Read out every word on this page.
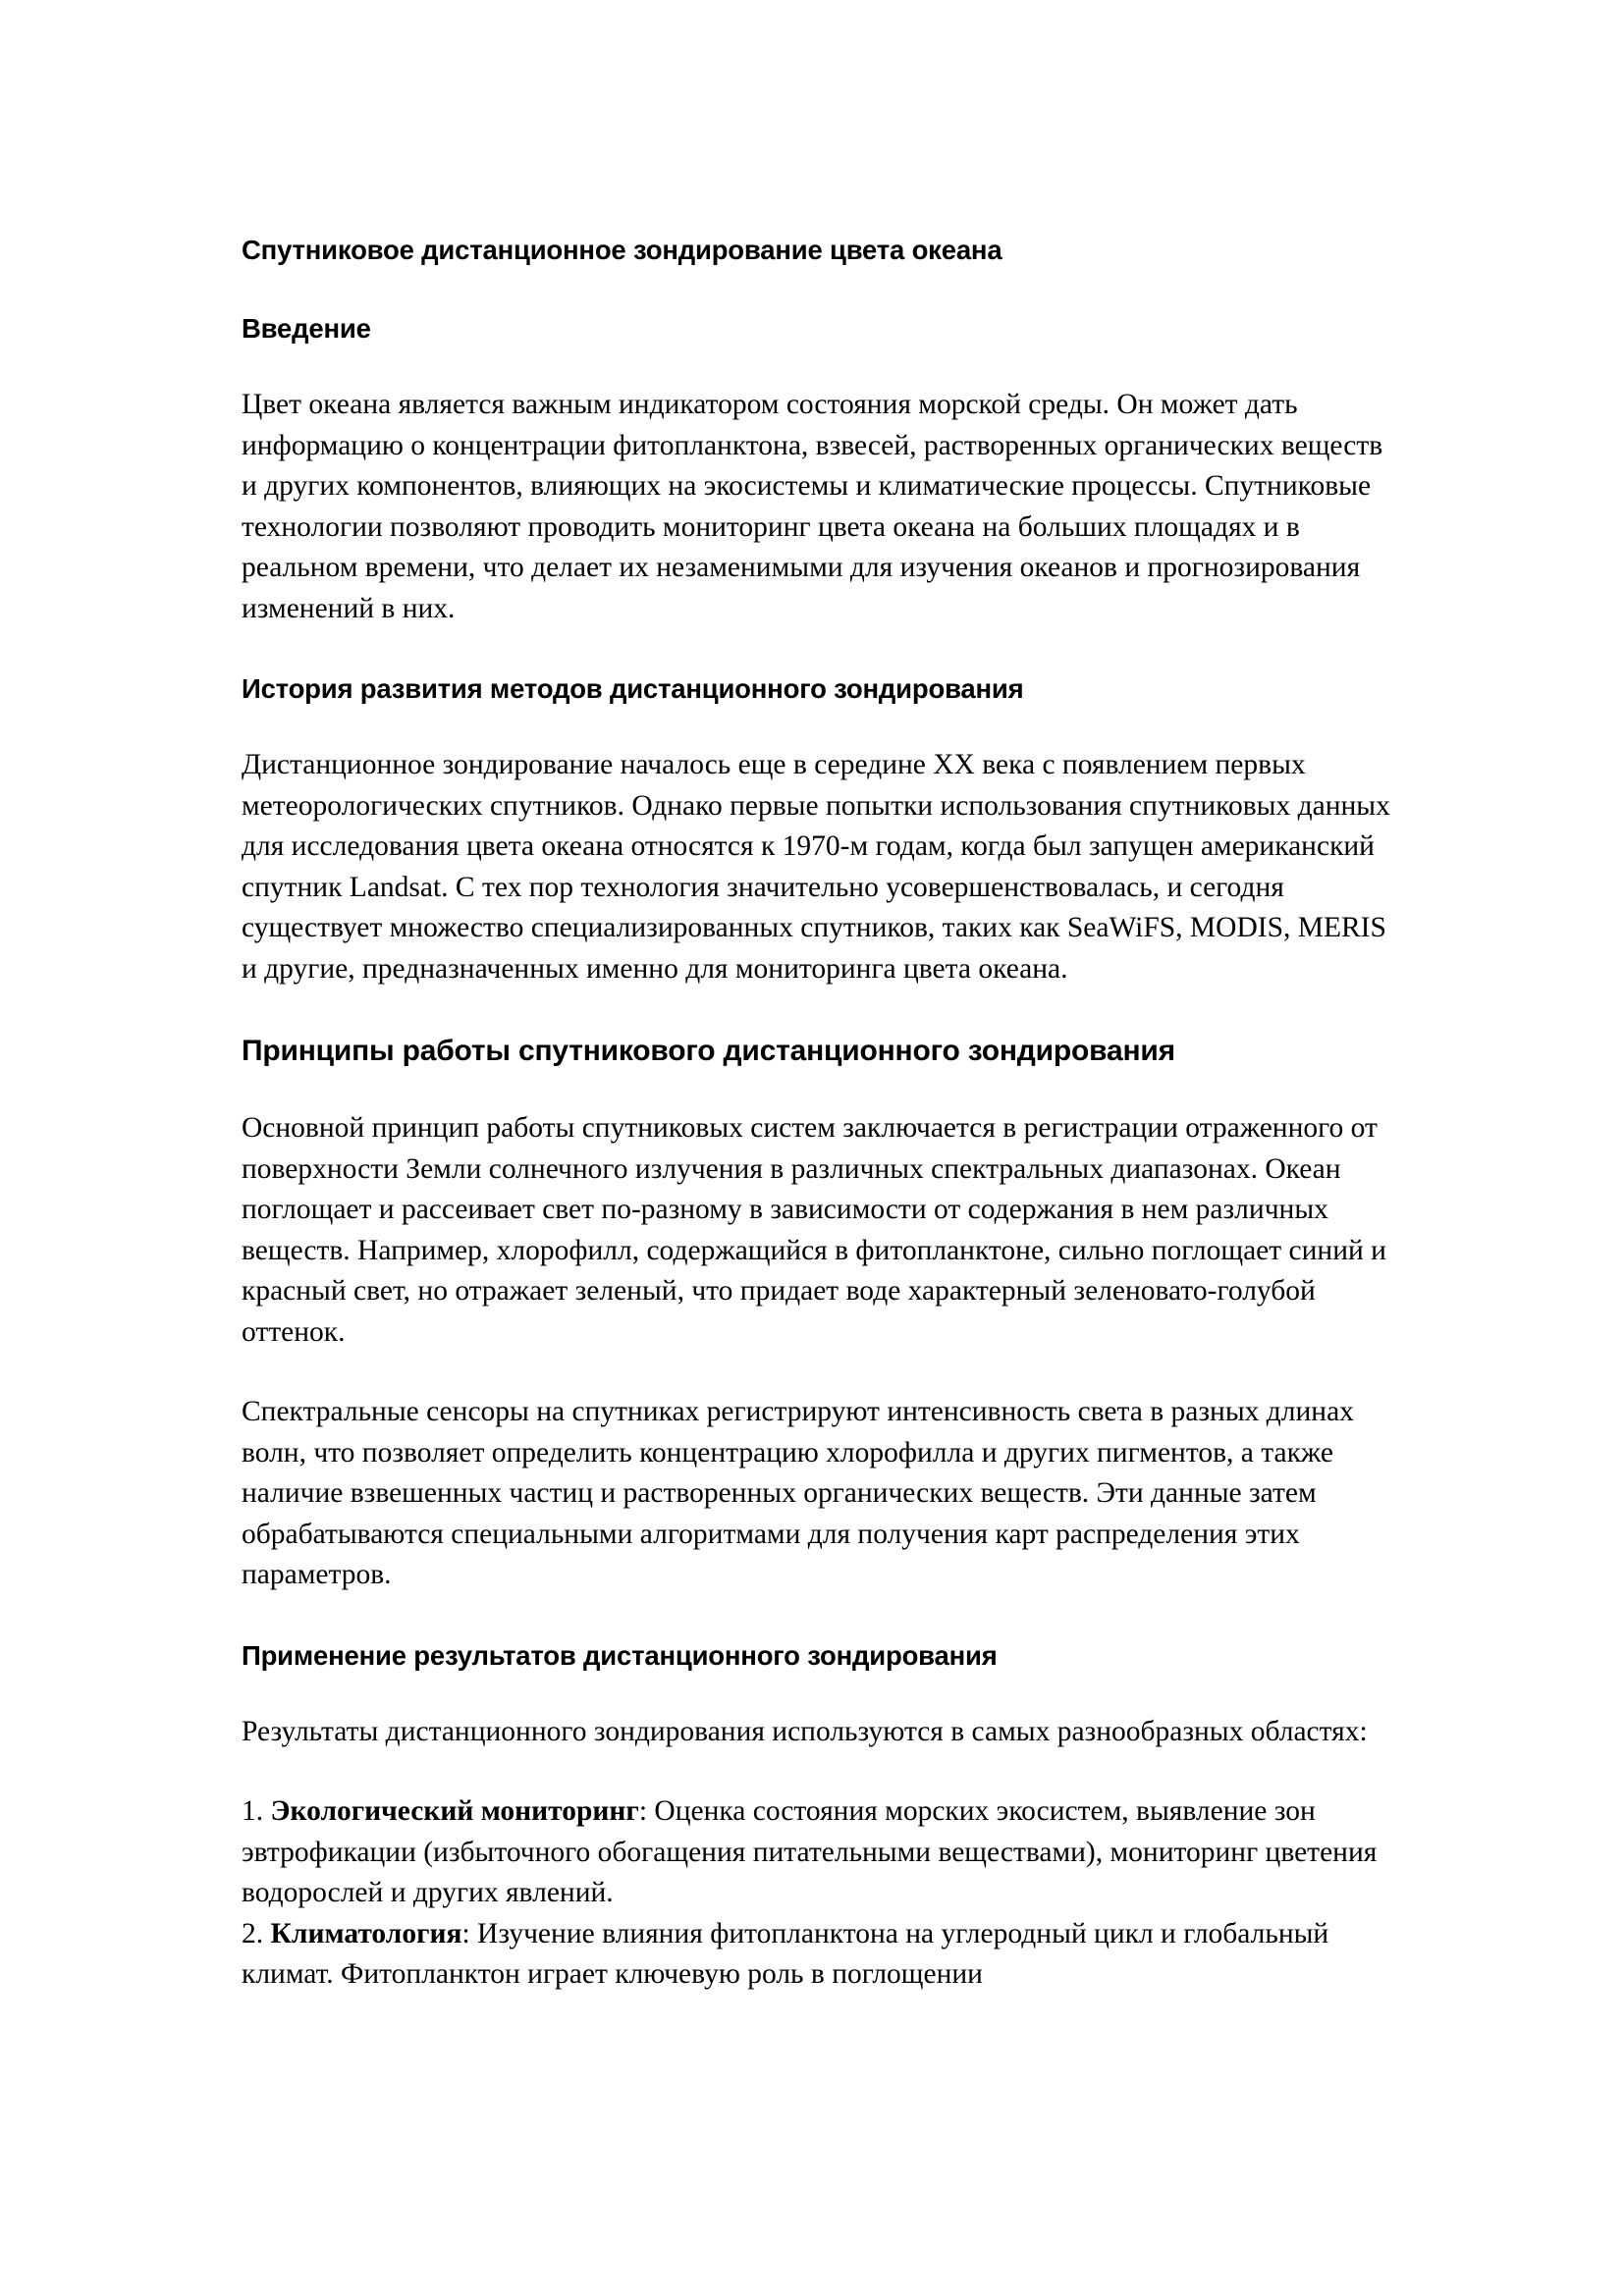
Спутниковое дистанционное зондирование цвета океана
Введение

Цвет океана является важным индикатором состояния морской среды. Он может дать информацию о концентрации фитопланктона, взвесей, растворенных органических веществ и других компонентов, влияющих на экосистемы и климатические процессы. Спутниковые технологии позволяют проводить мониторинг цвета океана на больших площадях и в реальном времени, что делает их незаменимыми для изучения океанов и прогнозирования изменений в них.

История развития методов дистанционного зондирования

Дистанционное зондирование началось еще в середине XX века с появлением первых метеорологических спутников. Однако первые попытки использования спутниковых данных для исследования цвета океана относятся к 1970-м годам, когда был запущен американский спутник Landsat. С тех пор технология значительно усовершенствовалась, и сегодня существует множество специализированных спутников, таких как SeaWiFS, MODIS, MERIS и другие, предназначенных именно для мониторинга цвета океана.

Принципы работы спутникового дистанционного зондирования

Основной принцип работы спутниковых систем заключается в регистрации отраженного от поверхности Земли солнечного излучения в различных спектральных диапазонах. Океан поглощает и рассеивает свет по-разному в зависимости от содержания в нем различных веществ. Например, хлорофилл, содержащийся в фитопланктоне, сильно поглощает синий и красный свет, но отражает зеленый, что придает воде характерный зеленовато-голубой оттенок.

Спектральные сенсоры на спутниках регистрируют интенсивность света в разных длинах волн, что позволяет определить концентрацию хлорофилла и других пигментов, а также наличие взвешенных частиц и растворенных органических веществ. Эти данные затем обрабатываются специальными алгоритмами для получения карт распределения этих параметров.

Применение результатов дистанционного зондирования

Результаты дистанционного зондирования используются в самых разнообразных областях:

1. Экологический мониторинг: Оценка состояния морских экосистем, выявление зон эвтрофикации (избыточного обогащения питательными веществами), мониторинг цветения водорослей и других явлений.
2. Климатология: Изучение влияния фитопланктона на углеродный цикл и глобальный климат. Фитопланктон играет ключевую роль в поглощении
